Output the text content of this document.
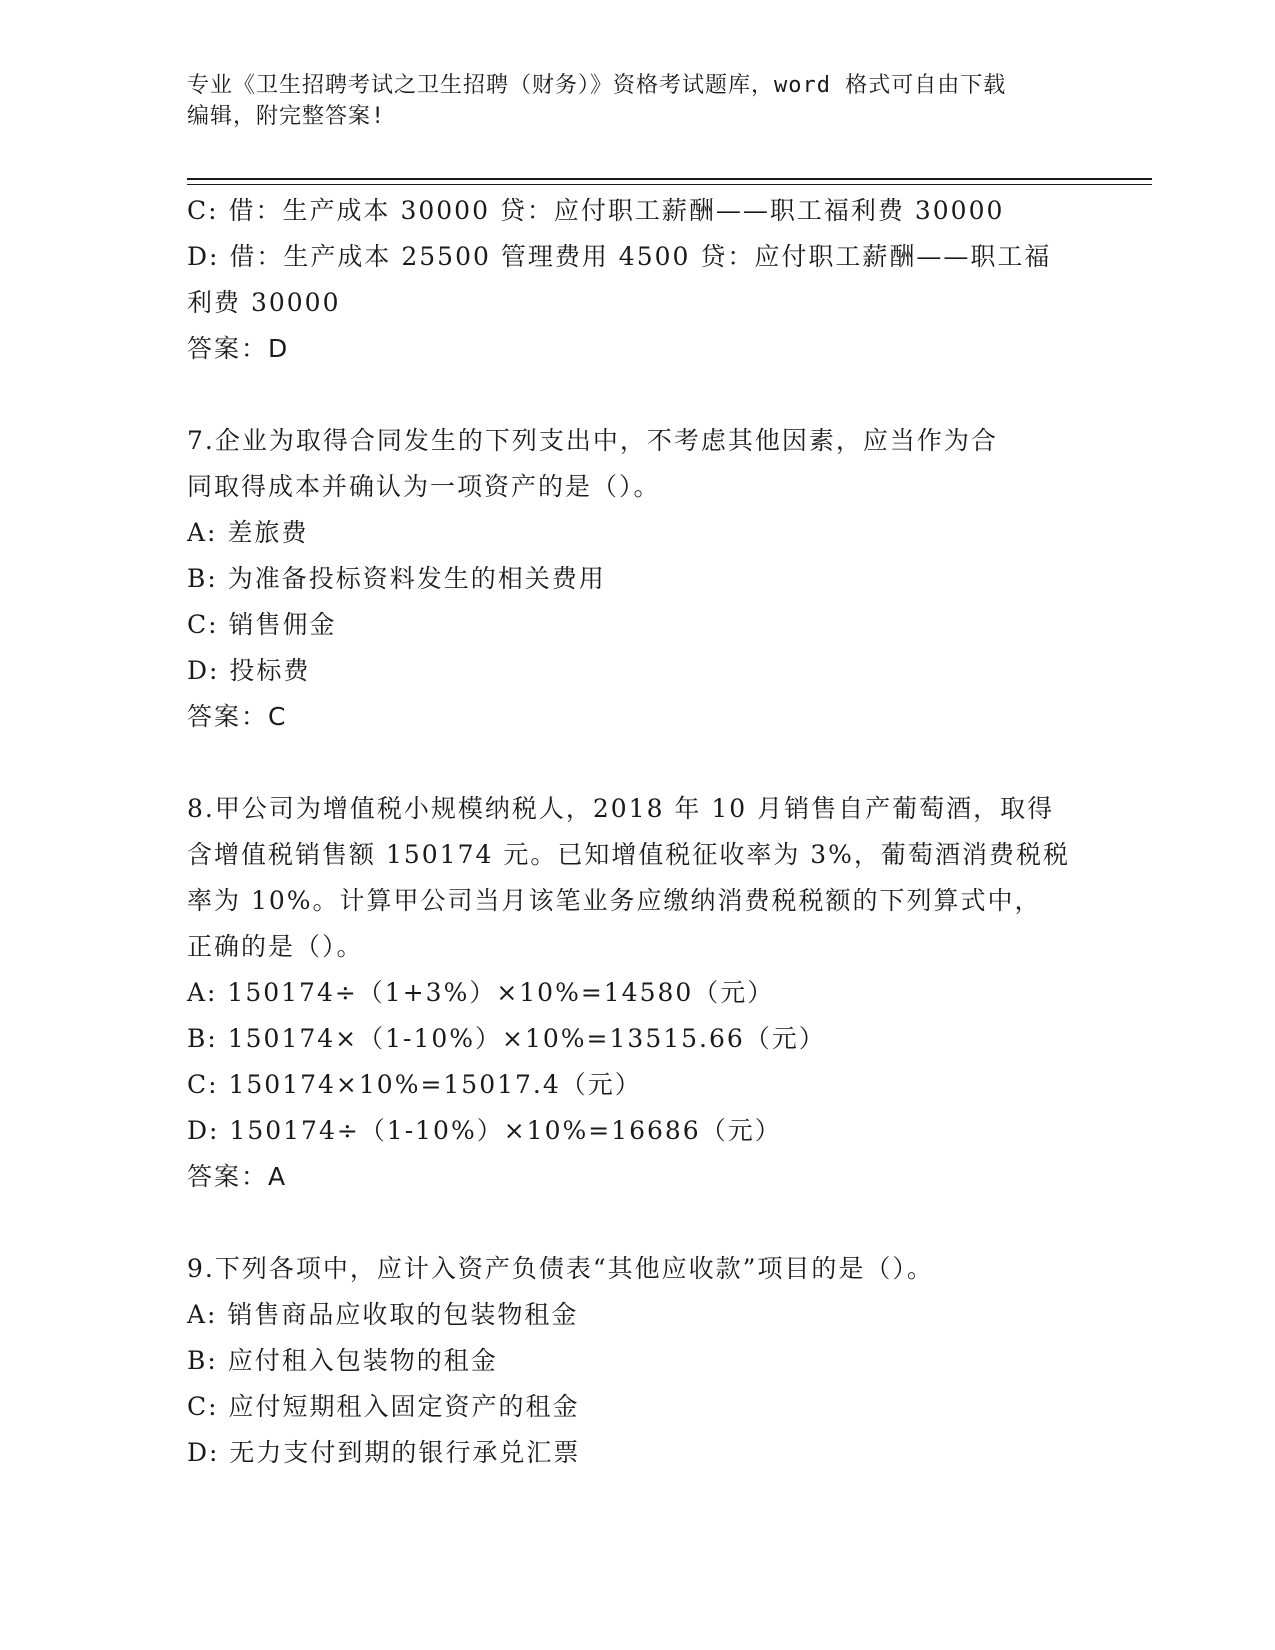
专业《卫生招聘考试之卫生招聘（财务）》资格考试题库，word 格式可自由下载
编辑，附完整答案!
C: 借：生产成本 30000 贷：应付职工薪酬——职工福利费 30000
D: 借：生产成本 25500 管理费用 4500 贷：应付职工薪酬——职工福
利费 30000
答案：D
7.企业为取得合同发生的下列支出中，不考虑其他因素，应当作为合
同取得成本并确认为一项资产的是（）。
A: 差旅费
B: 为准备投标资料发生的相关费用
C: 销售佣金
D: 投标费
答案：C
8.甲公司为增值税小规模纳税人，2018 年 10 月销售自产葡萄酒，取得
含增值税销售额 150174 元。已知增值税征收率为 3%，葡萄酒消费税税
率为 10%。计算甲公司当月该笔业务应缴纳消费税税额的下列算式中，
正确的是（）。
A: 150174÷（1+3%）×10%=14580（元）
B: 150174×（1-10%）×10%=13515.66（元）
C: 150174×10%=15017.4（元）
D: 150174÷（1-10%）×10%=16686（元）
答案：A
9.下列各项中，应计入资产负债表“其他应收款”项目的是（）。
A: 销售商品应收取的包装物租金
B: 应付租入包装物的租金
C: 应付短期租入固定资产的租金
D: 无力支付到期的银行承兑汇票
